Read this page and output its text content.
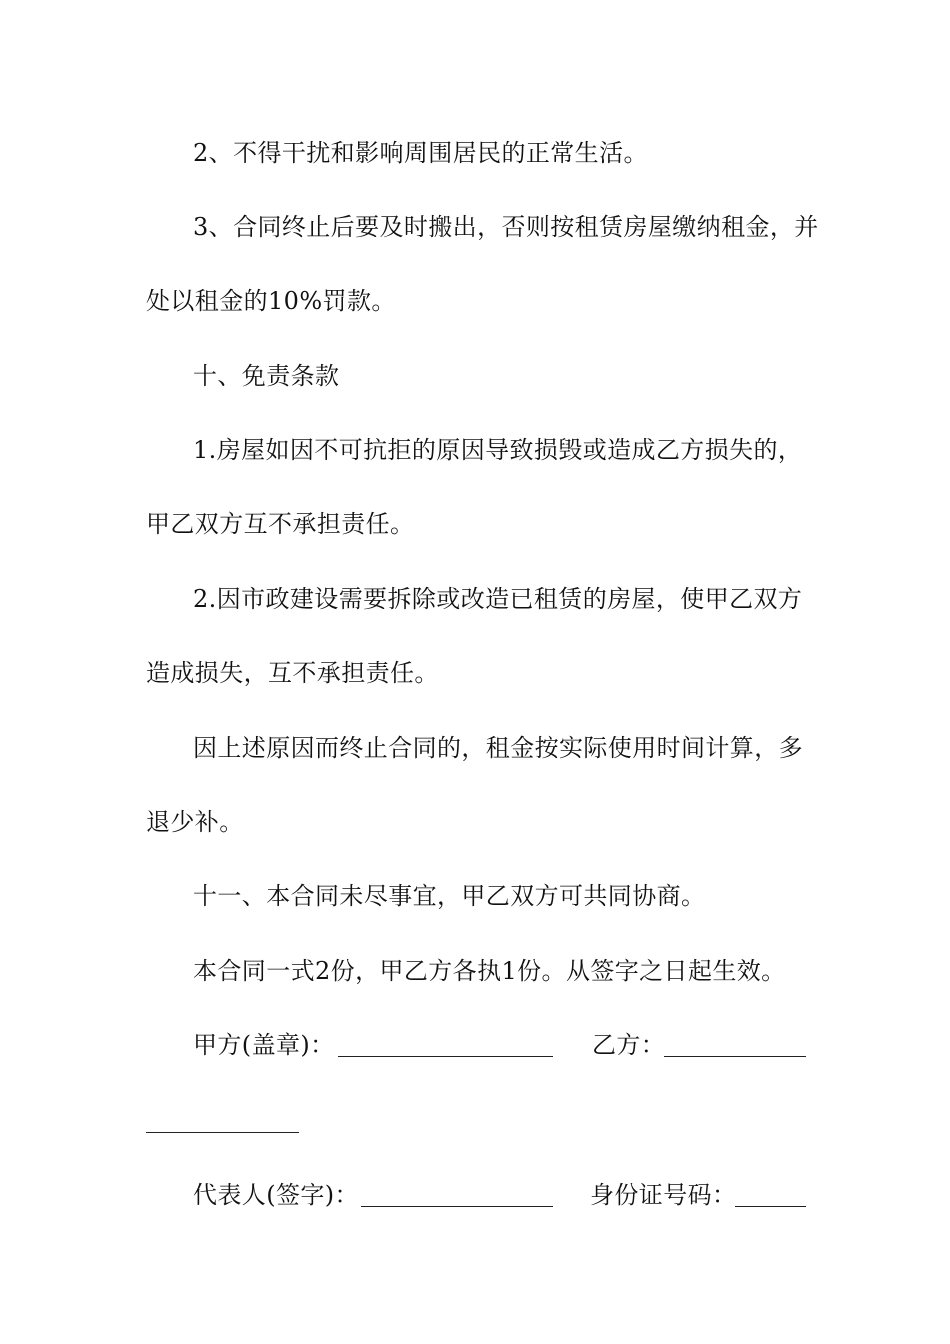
2、不得干扰和影响周围居民的正常生活。
3、合同终止后要及时搬出，否则按租赁房屋缴纳租金，并
处以租金的10%罚款。
十、免责条款
1.房屋如因不可抗拒的原因导致损毁或造成乙方损失的，
甲乙双方互不承担责任。
2.因市政建设需要拆除或改造已租赁的房屋，使甲乙双方
造成损失，互不承担责任。
因上述原因而终止合同的，租金按实际使用时间计算，多
退少补。
十一、本合同未尽事宜，甲乙双方可共同协商。
本合同一式2份，甲乙方各执1份。从签字之日起生效。
甲方(盖章)：	乙方：
代表人(签字)：	身份证号码：
